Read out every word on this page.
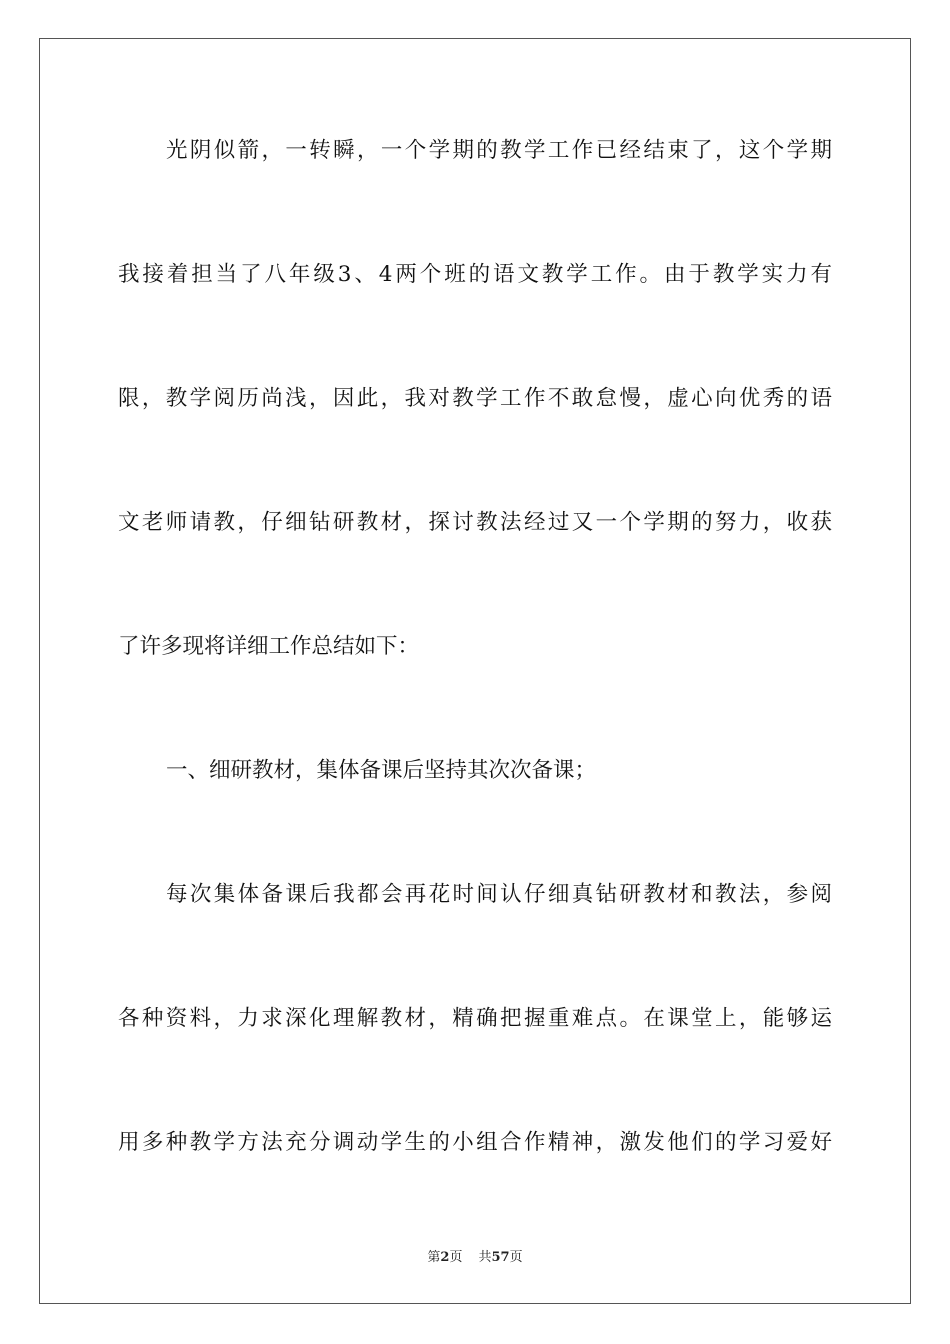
光阴似箭，一转瞬，一个学期的教学工作已经结束了，这个学期
我接着担当了八年级3、4两个班的语文教学工作。由于教学实力有
限，教学阅历尚浅，因此，我对教学工作不敢怠慢，虚心向优秀的语
文老师请教，仔细钻研教材，探讨教法经过又一个学期的努力，收获
了许多现将详细工作总结如下：
一、细研教材，集体备课后坚持其次次备课；
每次集体备课后我都会再花时间认仔细真钻研教材和教法，参阅
各种资料，力求深化理解教材，精确把握重难点。在课堂上，能够运
用多种教学方法充分调动学生的小组合作精神，激发他们的学习爱好
第2页 共57页
